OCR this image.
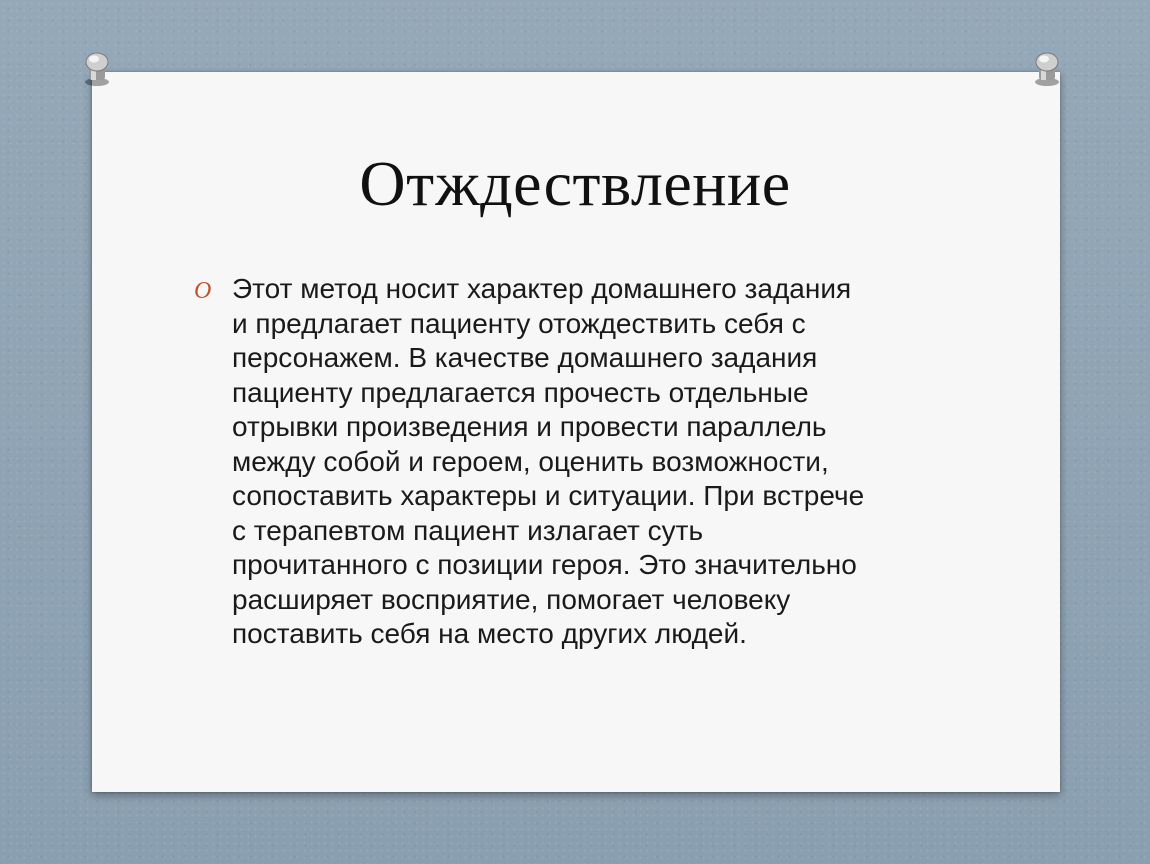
Отждествление
O Этот метод носит характер домашнего задания
и предлагает пациенту отождествить себя с
персонажем. В качестве домашнего задания
пациенту предлагается прочесть отдельные
отрывки произведения и провести параллель
между собой и героем, оценить возможности,
сопоставить характеры и ситуации. При встрече
с терапевтом пациент излагает суть
прочитанного с позиции героя. Это значительно
расширяет восприятие, помогает человеку
поставить себя на место других людей.
